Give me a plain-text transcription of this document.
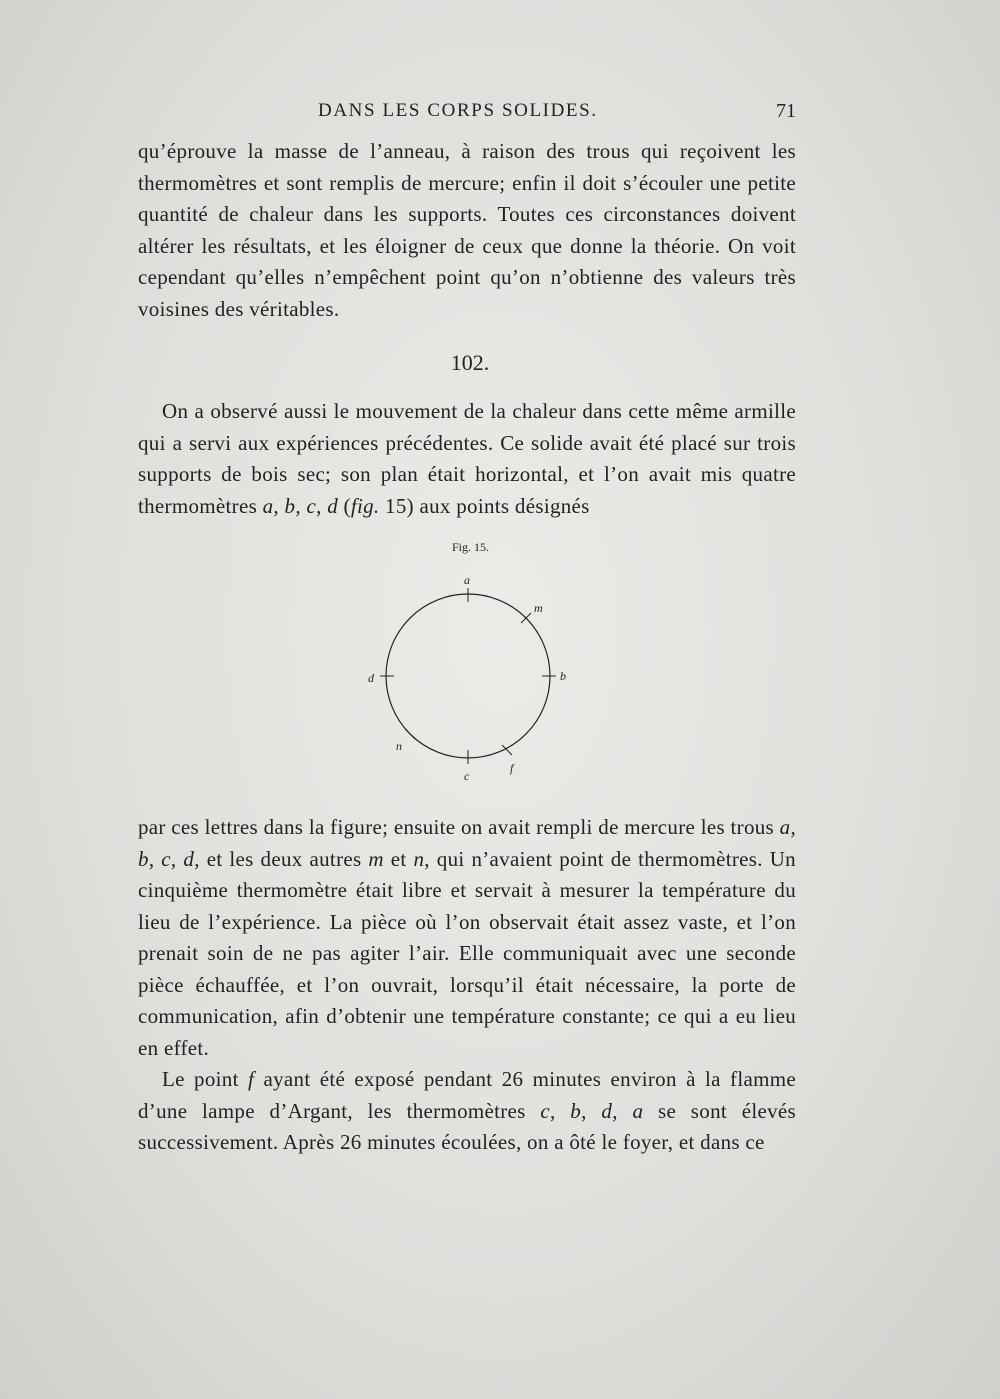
DANS LES CORPS SOLIDES.	71

qu’éprouve la masse de l’anneau, à raison des trous qui reçoivent les thermomètres et sont remplis de mercure; enfin il doit s’écouler une petite quantité de chaleur dans les supports. Toutes ces circonstances doivent altérer les résultats, et les éloigner de ceux que donne la théorie. On voit cependant qu’elles n’empêchent point qu’on n’obtienne des valeurs très voisines des véritables.

102.

On a observé aussi le mouvement de la chaleur dans cette même armille qui a servi aux expériences précédentes. Ce solide avait été placé sur trois supports de bois sec; son plan était horizontal, et l’on avait mis quatre thermomètres a, b, c, d (fig. 15) aux points désignés

Fig. 15.
a
m
b
d
n
f
c

par ces lettres dans la figure; ensuite on avait rempli de mercure les trous a, b, c, d, et les deux autres m et n, qui n’avaient point de thermomètres. Un cinquième thermomètre était libre et servait à mesurer la température du lieu de l’expérience. La pièce où l’on observait était assez vaste, et l’on prenait soin de ne pas agiter l’air. Elle communiquait avec une seconde pièce échauffée, et l’on ouvrait, lorsqu’il était nécessaire, la porte de communication, afin d’obtenir une température constante; ce qui a eu lieu en effet.

Le point f ayant été exposé pendant 26 minutes environ à la flamme d’une lampe d’Argant, les thermomètres c, b, d, a se sont élevés successivement. Après 26 minutes écoulées, on a ôté le foyer, et dans ce
